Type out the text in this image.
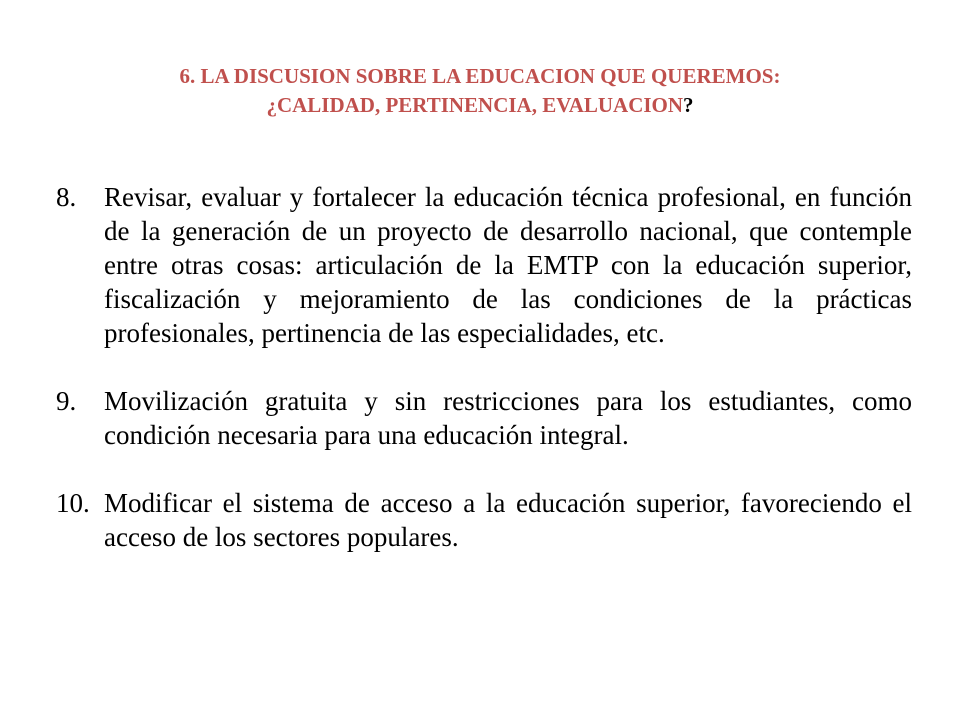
6. LA DISCUSION SOBRE LA EDUCACION QUE QUEREMOS:
¿CALIDAD, PERTINENCIA, EVALUACION?
8. Revisar, evaluar y fortalecer la educación técnica profesional, en función de la generación de un proyecto de desarrollo nacional, que contemple entre otras cosas: articulación de la EMTP con la educación superior, fiscalización y mejoramiento de las condiciones de la prácticas profesionales, pertinencia de las especialidades, etc.
9. Movilización gratuita y sin restricciones para los estudiantes, como condición necesaria para una educación integral.
10. Modificar el sistema de acceso a la educación superior, favoreciendo el acceso de los sectores populares.
